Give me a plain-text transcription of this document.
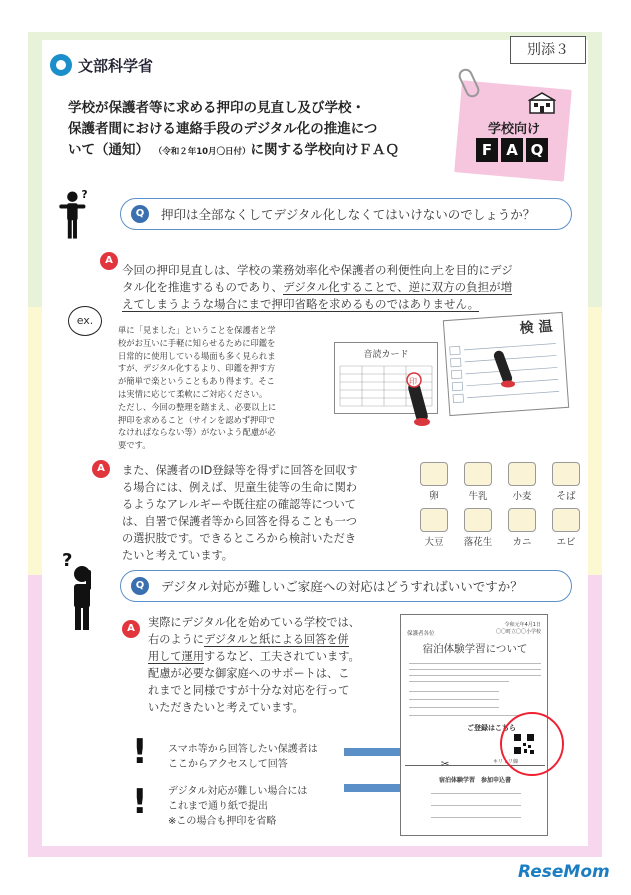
文部科学省
別添３
学校が保護者等に求める押印の見直し及び学校・
保護者間における連絡手段のデジタル化の推進につ
いて（通知） （令和２年10月〇日付）に関する学校向けＦＡＱ
学校向け
F A Q
?
Q	押印は全部なくしてデジタル化しなくてはいけないのでしょうか？
A
今回の押印見直しは、学校の業務効率化や保護者の利便性向上を目的にデジ
タル化を推進するものであり、デジタル化することで、逆に双方の負担が増
えてしまうような場合にまで押印省略を求めるものではありません。
ex.
単に「見ました」ということを保護者と学
校がお互いに手軽に知らせるために印鑑を
日常的に使用している場面も多く見られま
すが、デジタル化するより、印鑑を押す方
が簡単で楽ということもあり得ます。そこ
は実情に応じて柔軟にご対応ください。
ただし、今回の整理を踏まえ、必要以上に
押印を求めること（サインを認めず押印で
なければならない等）がないよう配慮が必
要です。
音読カード
印
検 温
A	また、保護者のID登録等を得ずに回答を回収す
る場合には、例えば、児童生徒等の生命に関わ
るようなアレルギーや既往症の確認等について
は、自署で保護者等から回答を得ることも一つ
の選択肢です。できるところから検討いただき
たいと考えています。
卵	牛乳	小麦	そば
大豆 落花生 カニ	エビ
?
Q	デジタル対応が難しいご家庭への対応はどうすればいいですか？
A	実際にデジタル化を始めている学校では、
右のようにデジタルと紙による回答を併
用して運用するなど、工夫されています。
配慮が必要な御家庭へのサポートは、こ
れまでと同様ですが十分な対応を行って
いただきたいと考えています。
! スマホ等から回答したい保護者は
ここからアクセスして回答
! デジタル対応が難しい場合には
これまで通り紙で提出
※この場合も押印を省略
保護者各位
令和元年4月1日
〇〇町立〇〇小学校
宿泊体験学習について
ご登録はこちら
✂	キリトリ線
宿泊体験学習　参加申込書
ReseMom
